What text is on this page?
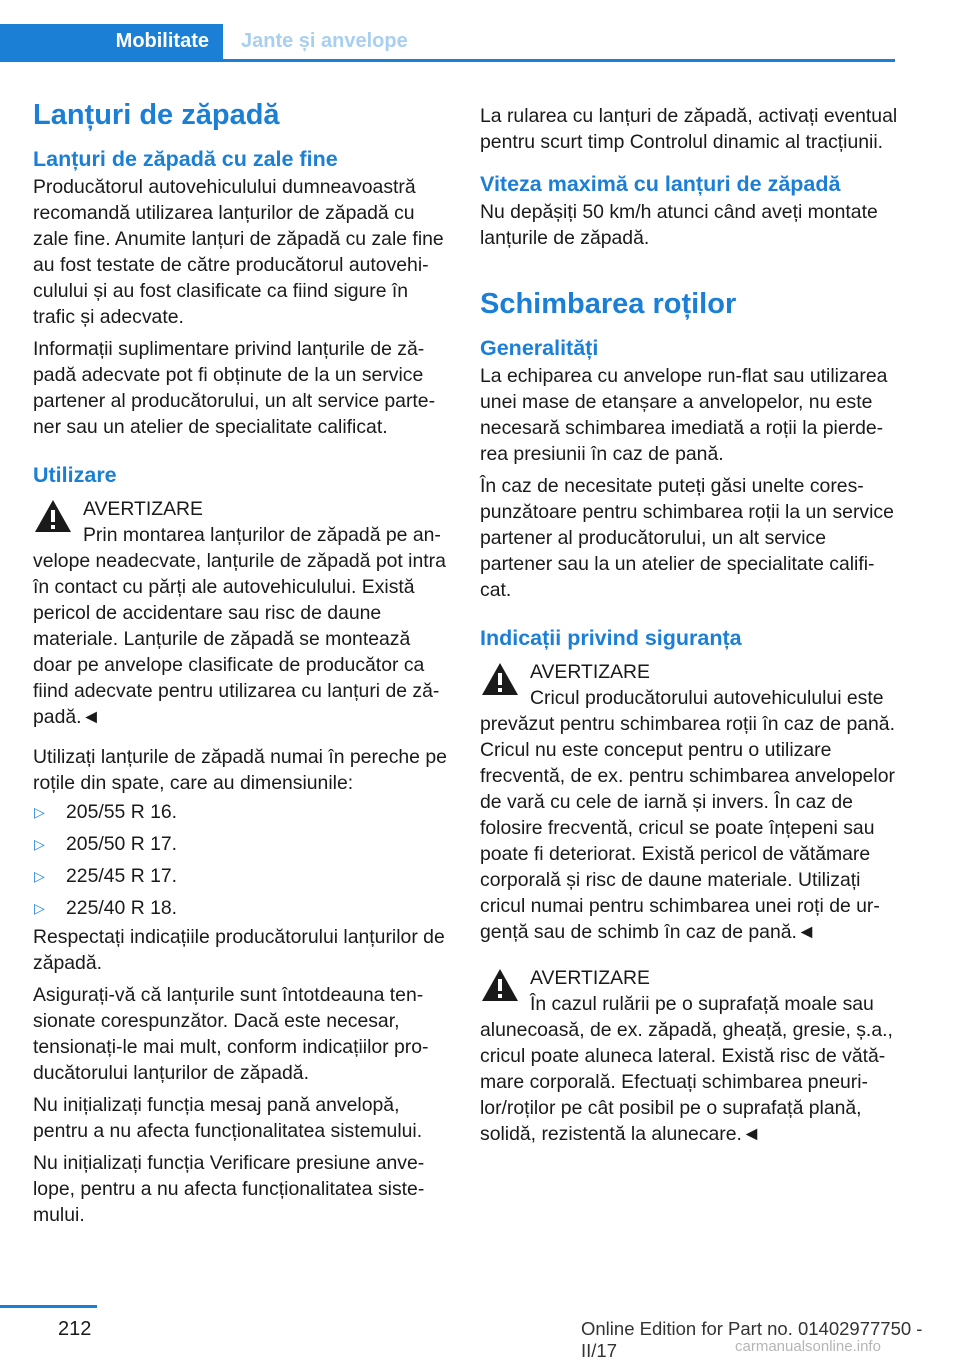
Mobilitate	Jante și anvelope
Lanțuri de zăpadă
Lanțuri de zăpadă cu zale fine

Producătorul autovehiculului dumneavoastră recomandă utilizarea lanțurilor de zăpadă cu zale fine. Anumite lanțuri de zăpadă cu zale fine au fost testate de către producătorul autovehiculului și au fost clasificate ca fiind sigure în trafic și adecvate.

Informații suplimentare privind lanțurile de zăpadă adecvate pot fi obținute de la un service partener al producătorului, un alt service partener sau un atelier de specialitate calificat.

Utilizare

AVERTIZARE

Prin montarea lanțurilor de zăpadă pe anvelope neadecvate, lanțurile de zăpadă pot intra în contact cu părți ale autovehiculului. Există pericol de accidentare sau risc de daune materiale. Lanțurile de zăpadă se montează doar pe anvelope clasificate de producător ca fiind adecvate pentru utilizarea cu lanțuri de zăpadă.◄

Utilizați lanțurile de zăpadă numai în pereche pe roțile din spate, care au dimensiunile:

▷ 205/55 R 16.
▷ 205/50 R 17.
▷ 225/45 R 17.
▷ 225/40 R 18.

Respectați indicațiile producătorului lanțurilor de zăpadă.

Asigurați-vă că lanțurile sunt întotdeauna tensionate corespunzător. Dacă este necesar, tensionați-le mai mult, conform indicațiilor producătorului lanțurilor de zăpadă.

Nu inițializați funcția mesaj pană anvelopă, pentru a nu afecta funcționalitatea sistemului.

Nu inițializați funcția Verificare presiune anvelope, pentru a nu afecta funcționalitatea sistemului.

La rularea cu lanțuri de zăpadă, activați eventual pentru scurt timp Controlul dinamic al tracțiunii.

Viteza maximă cu lanțuri de zăpadă

Nu depășiți 50 km/h atunci când aveți montate lanțurile de zăpadă.

Schimbarea roților
Generalități

La echiparea cu anvelope run-flat sau utilizarea unei mase de etanșare a anvelopelor, nu este necesară schimbarea imediată a roții la pierderea presiunii în caz de pană.

În caz de necesitate puteți găsi unelte corespunzătoare pentru schimbarea roții la un service partener al producătorului, un alt service partener sau la un atelier de specialitate calificat.

Indicații privind siguranța

AVERTIZARE

Cricul producătorului autovehiculului este prevăzut pentru schimbarea roții în caz de pană. Cricul nu este conceput pentru o utilizare frecventă, de ex. pentru schimbarea anvelopelor de vară cu cele de iarnă și invers. În caz de folosire frecventă, cricul se poate înțepeni sau poate fi deteriorat. Există pericol de vătămare corporală și risc de daune materiale. Utilizați cricul numai pentru schimbarea unei roți de urgență sau de schimb în caz de pană.◄

AVERTIZARE

În cazul rulării pe o suprafață moale sau alunecoasă, de ex. zăpadă, gheață, gresie, ș.a., cricul poate aluneca lateral. Există risc de vătămare corporală. Efectuați schimbarea pneurilor/roților pe cât posibil pe o suprafață plană, solidă, rezistentă la alunecare.◄

212	Online Edition for Part no. 01402977750 - II/17	carmanualsonline.info
